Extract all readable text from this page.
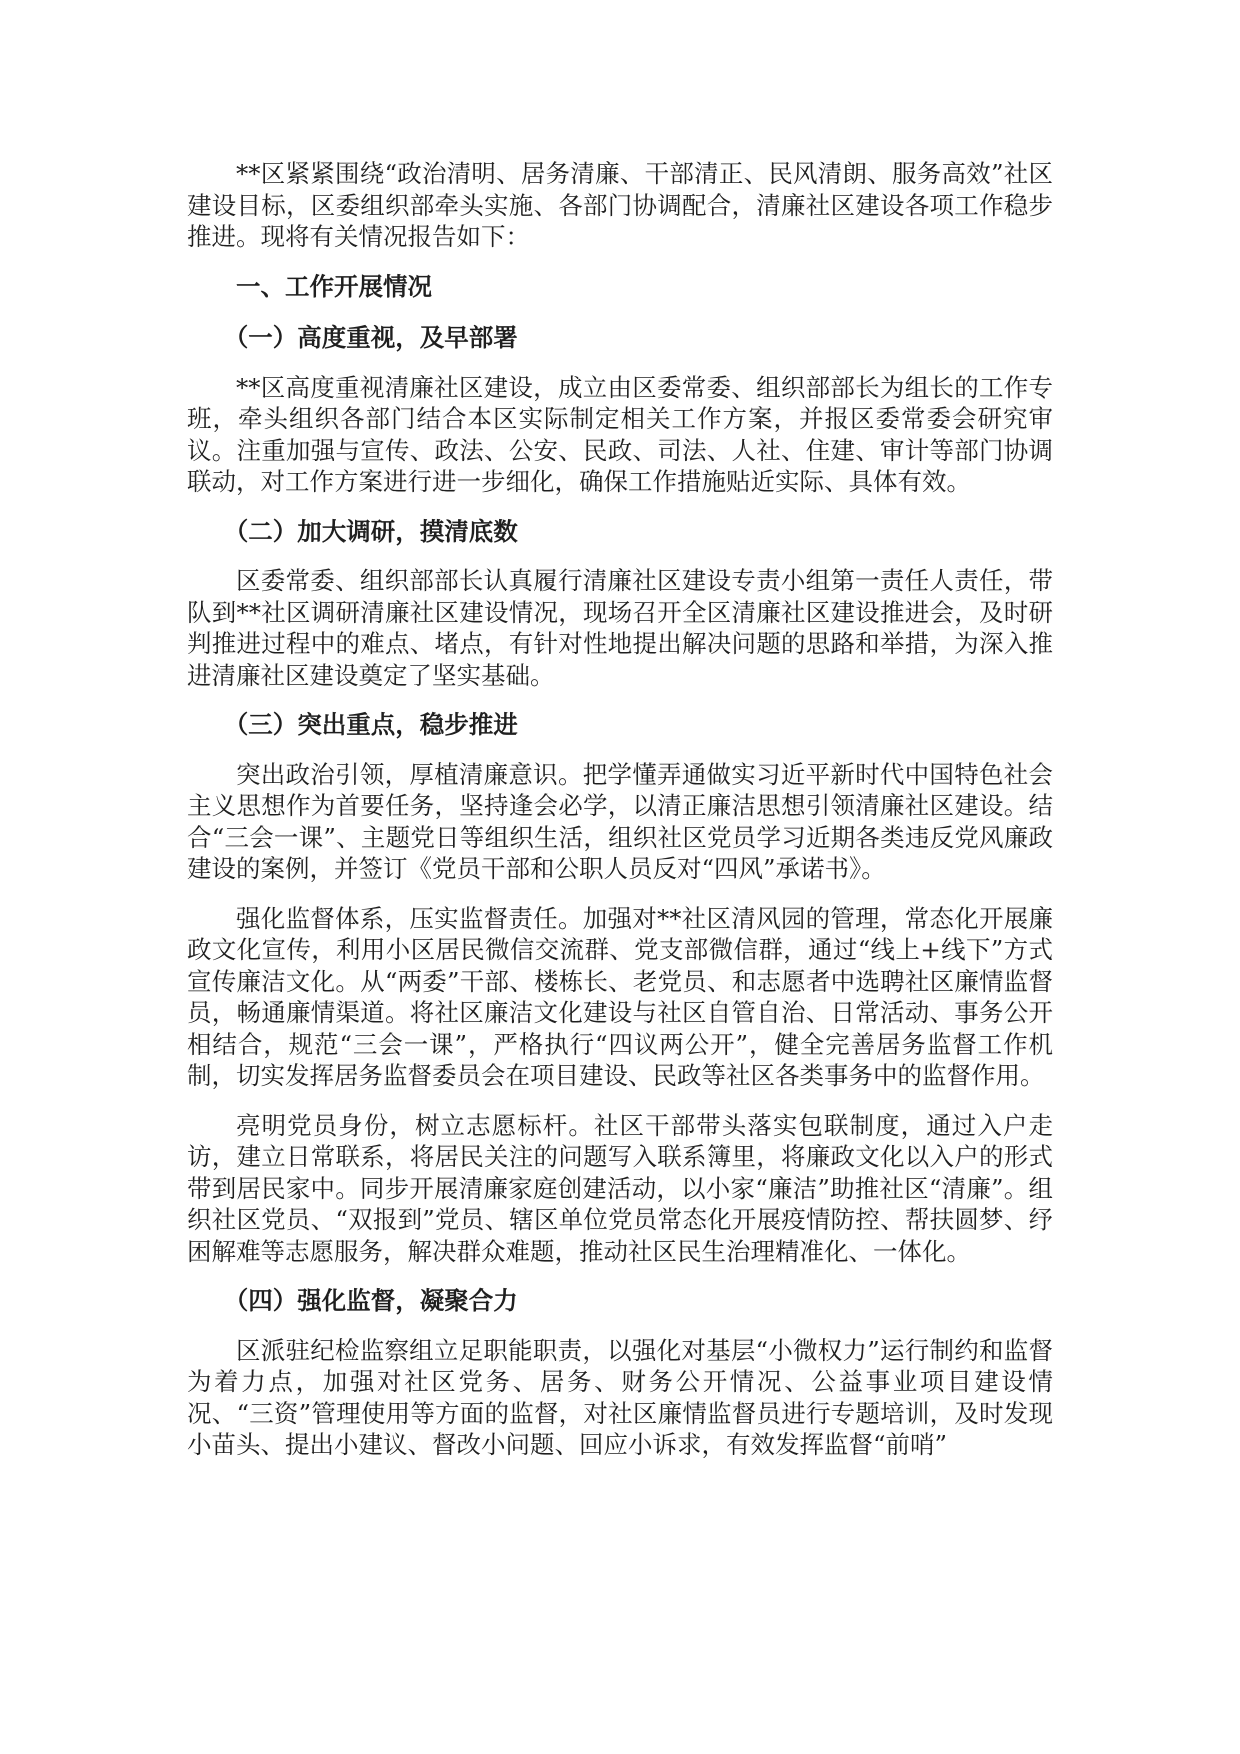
**区紧紧围绕“政治清明、居务清廉、干部清正、民风清朗、服务高效”社区建设目标，区委组织部牵头实施、各部门协调配合，清廉社区建设各项工作稳步推进。现将有关情况报告如下：

一、工作开展情况

（一）高度重视，及早部署

**区高度重视清廉社区建设，成立由区委常委、组织部部长为组长的工作专班，牵头组织各部门结合本区实际制定相关工作方案，并报区委常委会研究审议。注重加强与宣传、政法、公安、民政、司法、人社、住建、审计等部门协调联动，对工作方案进行进一步细化，确保工作措施贴近实际、具体有效。

（二）加大调研，摸清底数

区委常委、组织部部长认真履行清廉社区建设专责小组第一责任人责任，带队到**社区调研清廉社区建设情况，现场召开全区清廉社区建设推进会，及时研判推进过程中的难点、堵点，有针对性地提出解决问题的思路和举措，为深入推进清廉社区建设奠定了坚实基础。

（三）突出重点，稳步推进

突出政治引领，厚植清廉意识。把学懂弄通做实习近平新时代中国特色社会主义思想作为首要任务，坚持逢会必学，以清正廉洁思想引领清廉社区建设。结合“三会一课”、主题党日等组织生活，组织社区党员学习近期各类违反党风廉政建设的案例，并签订《党员干部和公职人员反对“四风”承诺书》。

强化监督体系，压实监督责任。加强对**社区清风园的管理，常态化开展廉政文化宣传，利用小区居民微信交流群、党支部微信群，通过“线上+线下”方式宣传廉洁文化。从“两委”干部、楼栋长、老党员、和志愿者中选聘社区廉情监督员，畅通廉情渠道。将社区廉洁文化建设与社区自管自治、日常活动、事务公开相结合，规范“三会一课”，严格执行“四议两公开”，健全完善居务监督工作机制，切实发挥居务监督委员会在项目建设、民政等社区各类事务中的监督作用。

亮明党员身份，树立志愿标杆。社区干部带头落实包联制度，通过入户走访，建立日常联系，将居民关注的问题写入联系簿里，将廉政文化以入户的形式带到居民家中。同步开展清廉家庭创建活动，以小家“廉洁”助推社区“清廉”。组织社区党员、“双报到”党员、辖区单位党员常态化开展疫情防控、帮扶圆梦、纾困解难等志愿服务，解决群众难题，推动社区民生治理精准化、一体化。

（四）强化监督，凝聚合力

区派驻纪检监察组立足职能职责，以强化对基层“小微权力”运行制约和监督为着力点，加强对社区党务、居务、财务公开情况、公益事业项目建设情况、“三资”管理使用等方面的监督，对社区廉情监督员进行专题培训，及时发现小苗头、提出小建议、督改小问题、回应小诉求，有效发挥监督“前哨”
